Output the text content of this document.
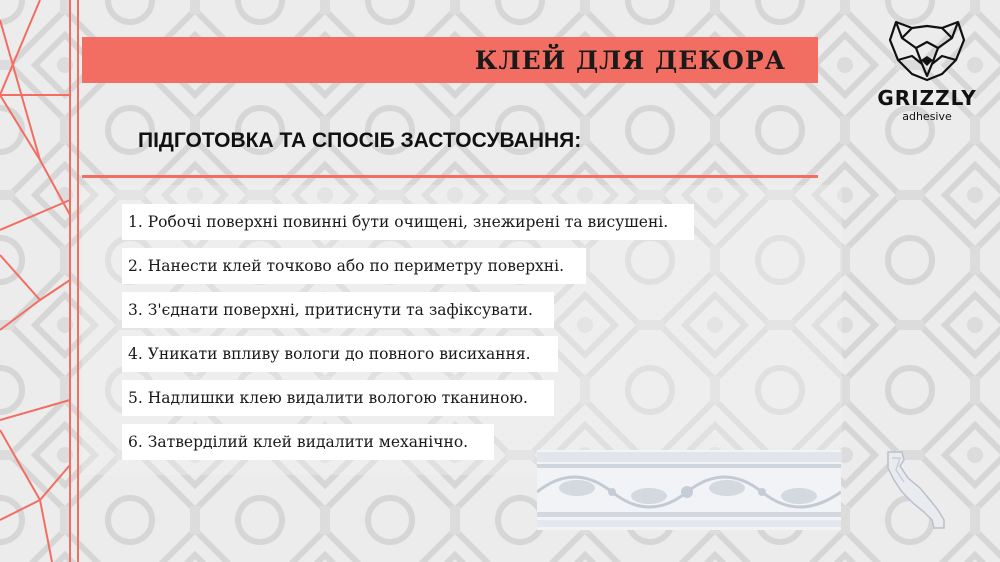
КЛЕЙ ДЛЯ ДЕКОРА
ПІДГОТОВКА ТА СПОСІБ ЗАСТОСУВАННЯ:
1. Робочі поверхні повинні бути очищені, знежирені та висушені.
2. Нанести клей точково або по периметру поверхні.
3. З'єднати поверхні, притиснути та зафіксувати.
4. Уникати впливу вологи до повного висихання.
5. Надлишки клею видалити вологою тканиною.
6. Затверділий клей видалити механічно.
GRIZZLY
adhesive
